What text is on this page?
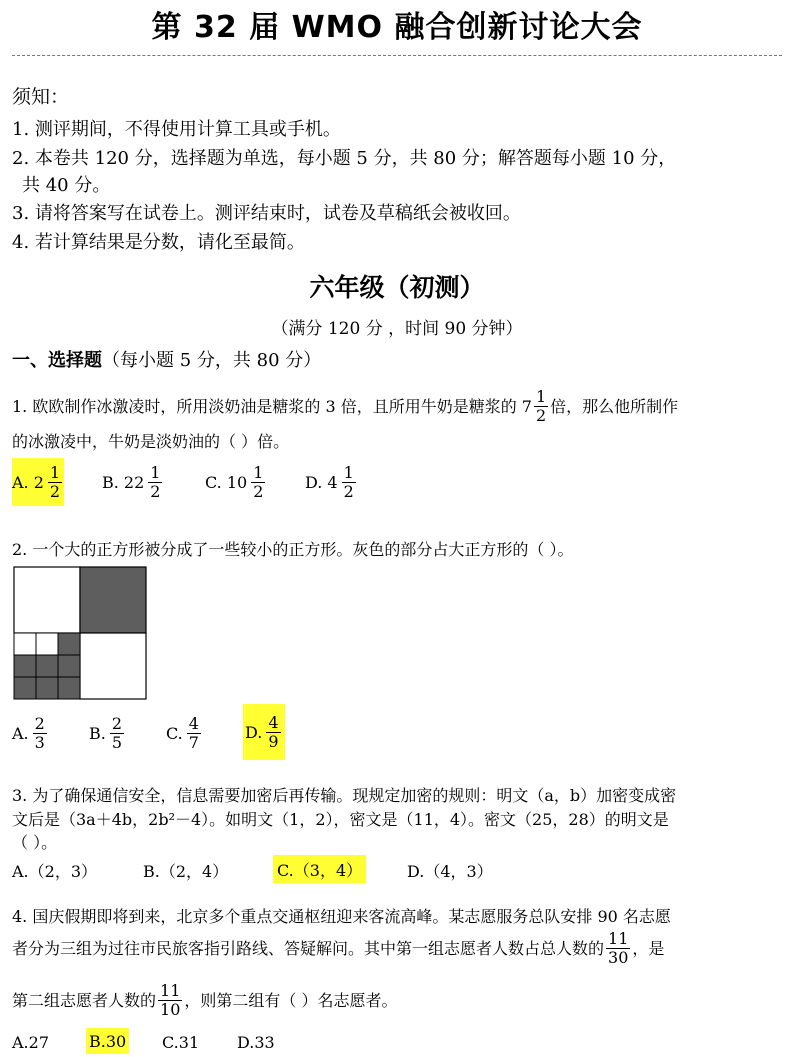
第 32 届 WMO 融合创新讨论大会
须知：
1. 测评期间，不得使用计算工具或手机。
2. 本卷共 120 分，选择题为单选，每小题 5 分，共 80 分；解答题每小题 10 分，
共 40 分。
3. 请将答案写在试卷上。测评结束时，试卷及草稿纸会被收回。
4. 若计算结果是分数，请化至最简。
六年级（初测）
（满分 120 分 ，时间 90 分钟）
一、选择题（每小题 5 分，共 80 分）
1. 欧欧制作冰激凌时，所用淡奶油是糖浆的 3 倍，且所用牛奶是糖浆的 $7 \frac{1}{2}$ 倍，那么他所制作
的冰激凌中，牛奶是淡奶油的（ ）倍。
A. $2 \frac{1}{2} B$. $22 \frac{1}{2}$	C. $10 \frac{1}{2} D$. $4 \frac{1}{2}$
2. 一个大的正方形被分成了一些较小的正方形。灰色的部分占大正方形的（ ）。
A. $\frac{2}{3}$	B. $\frac{2}{5}$	C. $\frac{4}{7}$	D. $\frac{4}{9}$
3. 为了确保通信安全，信息需要加密后再传输。现规定加密的规则：明文（a，b）加密变成密
文后是（3a＋4b，2b²－4）。如明文（1，2），密文是（11，4）。密文（25，28）的明文是
（ ）。
A.（2，3）	B.（2，4）	C.（3，4）	D.（4，3）
4. 国庆假期即将到来，北京多个重点交通枢纽迎来客流高峰。某志愿服务总队安排 90 名志愿
者分为三组为过往市民旅客指引路线、答疑解问。其中第一组志愿者人数占总人数的 $\frac{11}{30}$ ，是
第二组志愿者人数的 $\frac{11}{10}$ ，则第二组有（ ）名志愿者。
A.27	B.30 C.31 D.33
